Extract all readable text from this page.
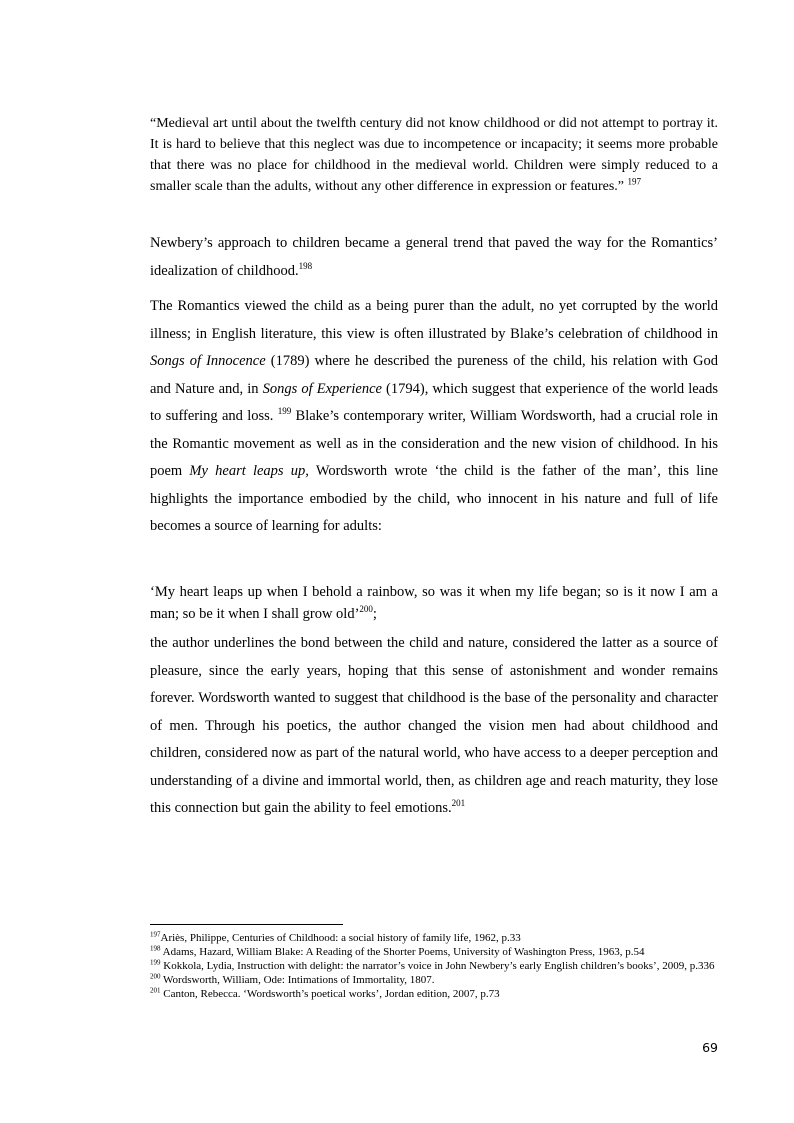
“Medieval art until about the twelfth century did not know childhood or did not attempt to portray it. It is hard to believe that this neglect was due to incompetence or incapacity; it seems more probable that there was no place for childhood in the medieval world. Children were simply reduced to a smaller scale than the adults, without any other difference in expression or features.” $^{197}$

Newbery’s approach to children became a general trend that paved the way for the Romantics’ idealization of childhood.$^{198}$

The Romantics viewed the child as a being purer than the adult, no yet corrupted by the world illness; in English literature, this view is often illustrated by Blake’s celebration of childhood in Songs of Innocence (1789) where he described the pureness of the child, his relation with God and Nature and, in Songs of Experience (1794), which suggest that experience of the world leads to suffering and loss. $^{199}$ Blake’s contemporary writer, William Wordsworth, had a crucial role in the Romantic movement as well as in the consideration and the new vision of childhood. In his poem My heart leaps up, Wordsworth wrote ‘the child is the father of the man’, this line highlights the importance embodied by the child, who innocent in his nature and full of life becomes a source of learning for adults:

‘My heart leaps up when I behold a rainbow, so was it when my life began; so is it now I am a man; so be it when I shall grow old’$^{200}$;

the author underlines the bond between the child and nature, considered the latter as a source of pleasure, since the early years, hoping that this sense of astonishment and wonder remains forever. Wordsworth wanted to suggest that childhood is the base of the personality and character of men. Through his poetics, the author changed the vision men had about childhood and children, considered now as part of the natural world, who have access to a deeper perception and understanding of a divine and immortal world, then, as children age and reach maturity, they lose this connection but gain the ability to feel emotions.$^{201}$

$^{197}$Ariès, Philippe, Centuries of Childhood: a social history of family life, 1962, p.33

$^{198}$ Adams, Hazard, William Blake: A Reading of the Shorter Poems, University of Washington Press, 1963, p.54

$^{199}$ Kokkola, Lydia, Instruction with delight: the narrator’s voice in John Newbery’s early English children’s books’, 2009, p.336

$^{200}$ Wordsworth, William, Ode: Intimations of Immortality, 1807.

$^{201}$ Canton, Rebecca. ‘Wordsworth’s poetical works’, Jordan edition, 2007, p.73

69
